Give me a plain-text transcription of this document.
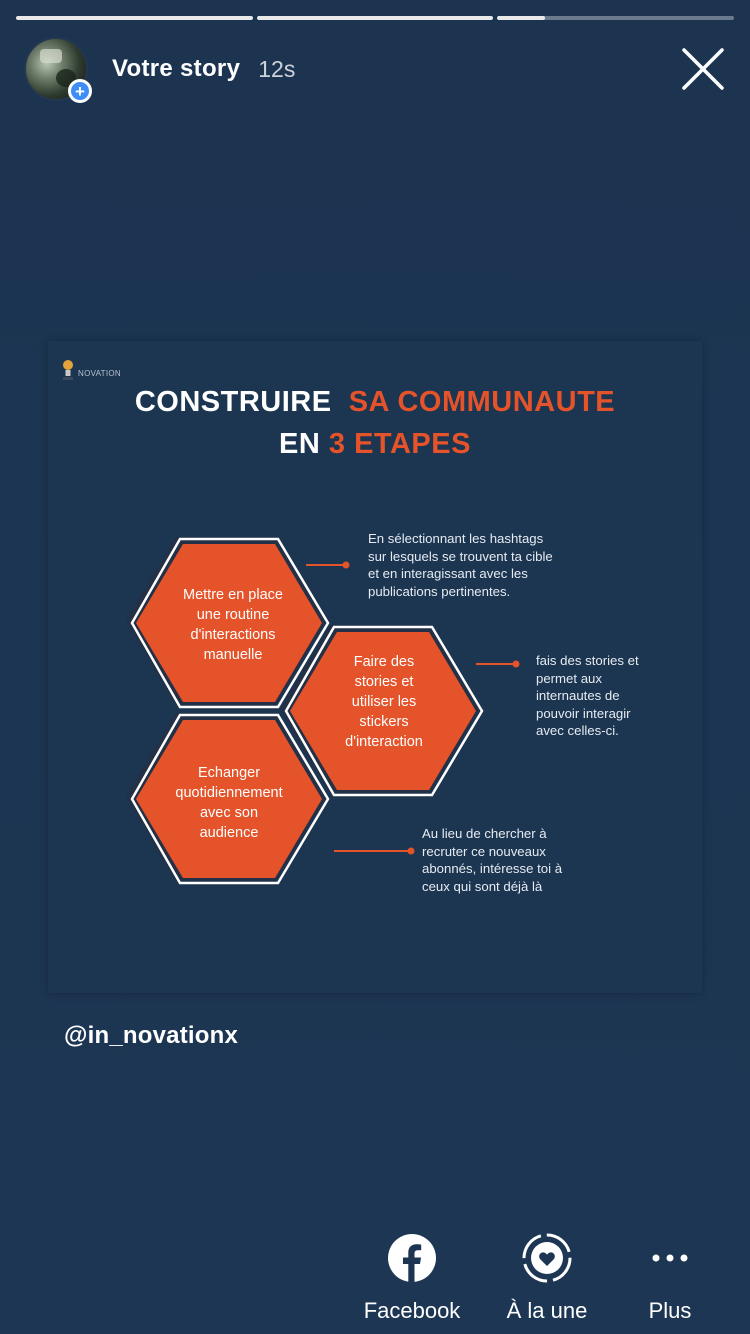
+
Votre story 12s
NOVATION
CONSTRUIRE SA COMMUNAUTE
EN 3 ETAPES
Mettre en place
une routine
d'interactions
manuelle	Faire des
stories et
utiliser les
stickers
d'interaction
Echanger
quotidiennement
avec son
audience
En sélectionnant les hashtags
sur lesquels se trouvent ta cible
et en interagissant avec les
publications pertinentes.
fais des stories et
permet aux
internautes de
pouvoir interagir
avec celles-ci.
Au lieu de chercher à
recruter ce nouveaux
abonnés, intéresse toi à
ceux qui sont déjà là
@in_novationx
Facebook	À la une	Plus
